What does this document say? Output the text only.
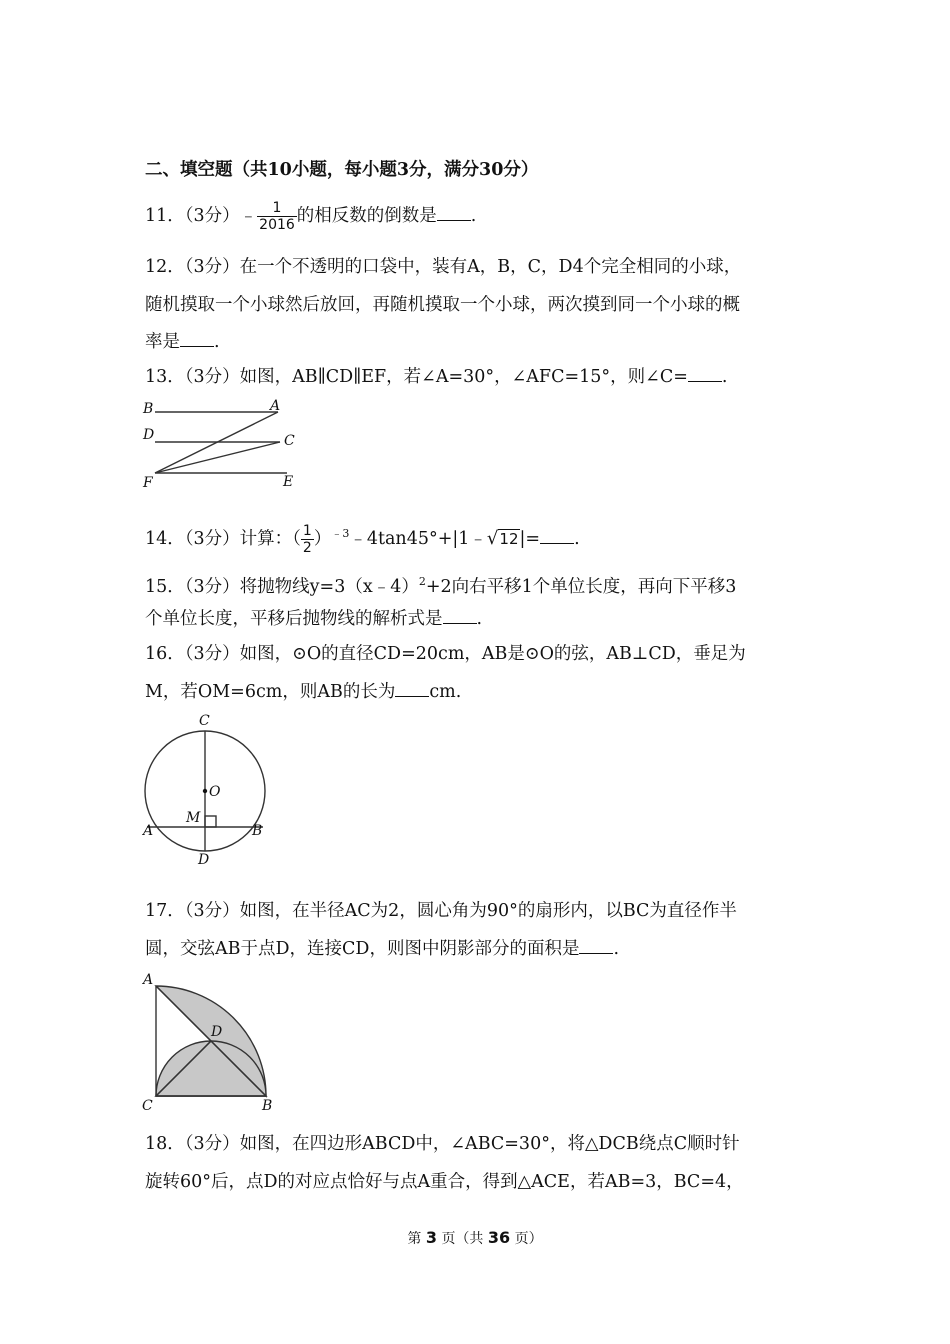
二、填空题（共10小题，每小题3分，满分30分）
11．（3分）﹣ $\frac{1}{2016}$ 的相反数的倒数是 .
12．（3分）在一个不透明的口袋中，装有A，B，C，D4个完全相同的小球，
随机摸取一个小球然后放回，再随机摸取一个小球，两次摸到同一个小球的概
率是 .
13．（3分）如图，AB∥CD∥EF，若∠A=30°，∠AFC=15°，则∠C= .
B	A
D	C
F	E
14．（3分）计算：（ $\frac{1}{2}$ ）$^{﹣3}$﹣4tan45°+|1﹣√12|= .
15．（3分）将抛物线y=3（x﹣4）$^2$+2向右平移1个单位长度，再向下平移3
个单位长度，平移后抛物线的解析式是 .
16．（3分）如图，⊙O的直径CD=20cm，AB是⊙O的弦，AB⊥CD，垂足为
M，若OM=6cm，则AB的长为 cm.
C
O
M
A	B
D
17．（3分）如图，在半径AC为2，圆心角为90°的扇形内，以BC为直径作半
圆，交弦AB于点D，连接CD，则图中阴影部分的面积是 .
A
D
C	B
18．（3分）如图，在四边形ABCD中，∠ABC=30°，将△DCB绕点C顺时针
旋转60°后，点D的对应点恰好与点A重合，得到△ACE，若AB=3，BC=4，
第 3 页（共 36 页）
